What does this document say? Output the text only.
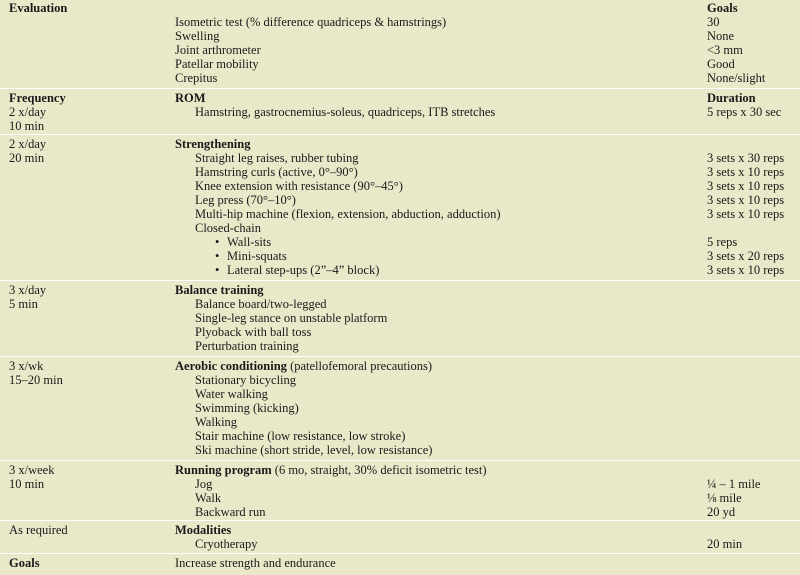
Evaluation	Goals
Isometric test (% difference quadriceps & hamstrings)	30
Swelling	None
Joint arthrometer	<3 mm
Patellar mobility	Good
Crepitus	None/slight
Frequency	ROM	Duration
2 x/day	Hamstring, gastrocnemius-soleus, quadriceps, ITB stretches	5 reps x 30 sec
10 min
2 x/day	Strengthening
20 min	Straight leg raises, rubber tubing	3 sets x 30 reps
Hamstring curls (active, 0°–90°)	3 sets x 10 reps
Knee extension with resistance (90°–45°)	3 sets x 10 reps
Leg press (70°–10°)	3 sets x 10 reps
Multi-hip machine (flexion, extension, abduction, adduction)	3 sets x 10 reps
Closed-chain
• Wall-sits	5 reps
• Mini-squats	3 sets x 20 reps
• Lateral step-ups (2”–4” block)	3 sets x 10 reps
3 x/day	Balance training
5 min	Balance board/two-legged
Single-leg stance on unstable platform
Plyoback with ball toss
Perturbation training
3 x/wk	Aerobic conditioning (patellofemoral precautions)
15–20 min	Stationary bicycling
Water walking
Swimming (kicking)
Walking
Stair machine (low resistance, low stroke)
Ski machine (short stride, level, low resistance)
3 x/week	Running program (6 mo, straight, 30% deficit isometric test)
10 min	Jog	¼ – 1 mile
Walk	⅛ mile
Backward run	20 yd
As required	Modalities
Cryotherapy	20 min
Goals	Increase strength and endurance
